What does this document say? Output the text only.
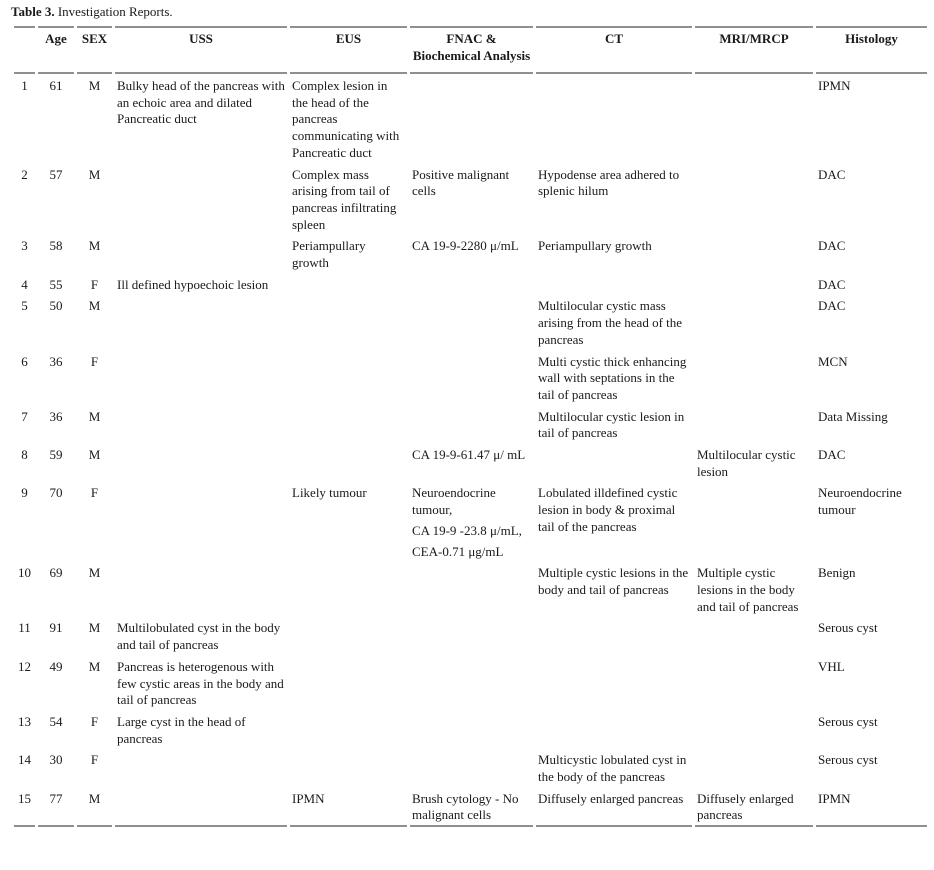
Table 3. Investigation Reports.
	Age	SEX	USS	EUS	FNAC & Biochemical Analysis	CT	MRI/MRCP	Histology
1	61	M	Bulky head of the pancreas with an echoic area and dilated Pancreatic duct	Complex lesion in the head of the pancreas communicating with Pancreatic duct				IPMN
2	57	M		Complex mass arising from tail of pancreas infiltrating spleen	Positive malignant cells	Hypodense area adhered to splenic hilum		DAC
3	58	M		Periampullary growth	CA 19-9-2280 μ/mL	Periampullary growth		DAC
4	55	F	Ill defined hypoechoic lesion					DAC
5	50	M				Multilocular cystic mass arising from the head of the pancreas		DAC
6	36	F				Multi cystic thick enhancing wall with septations in the tail of pancreas		MCN
7	36	M				Multilocular cystic lesion in tail of pancreas		Data Missing
8	59	M			CA 19-9-61.47 μ/ mL		Multilocular cystic lesion	DAC
9	70	F		Likely tumour	Neuroendocrine tumour,
CA 19-9 -23.8 μ/mL,
CEA-0.71 μg/mL	Lobulated illdefined cystic lesion in body & proximal tail of the pancreas		Neuroendocrine tumour
10	69	M				Multiple cystic lesions in the body and tail of pancreas	Multiple cystic lesions in the body and tail of pancreas	Benign
11	91	M	Multilobulated cyst in the body and tail of pancreas					Serous cyst
12	49	M	Pancreas is heterogenous with few cystic areas in the body and tail of pancreas					VHL
13	54	F	Large cyst in the head of pancreas					Serous cyst
14	30	F				Multicystic lobulated cyst in the body of the pancreas		Serous cyst
15	77	M		IPMN	Brush cytology - No malignant cells	Diffusely enlarged pancreas	Diffusely enlarged pancreas	IPMN
